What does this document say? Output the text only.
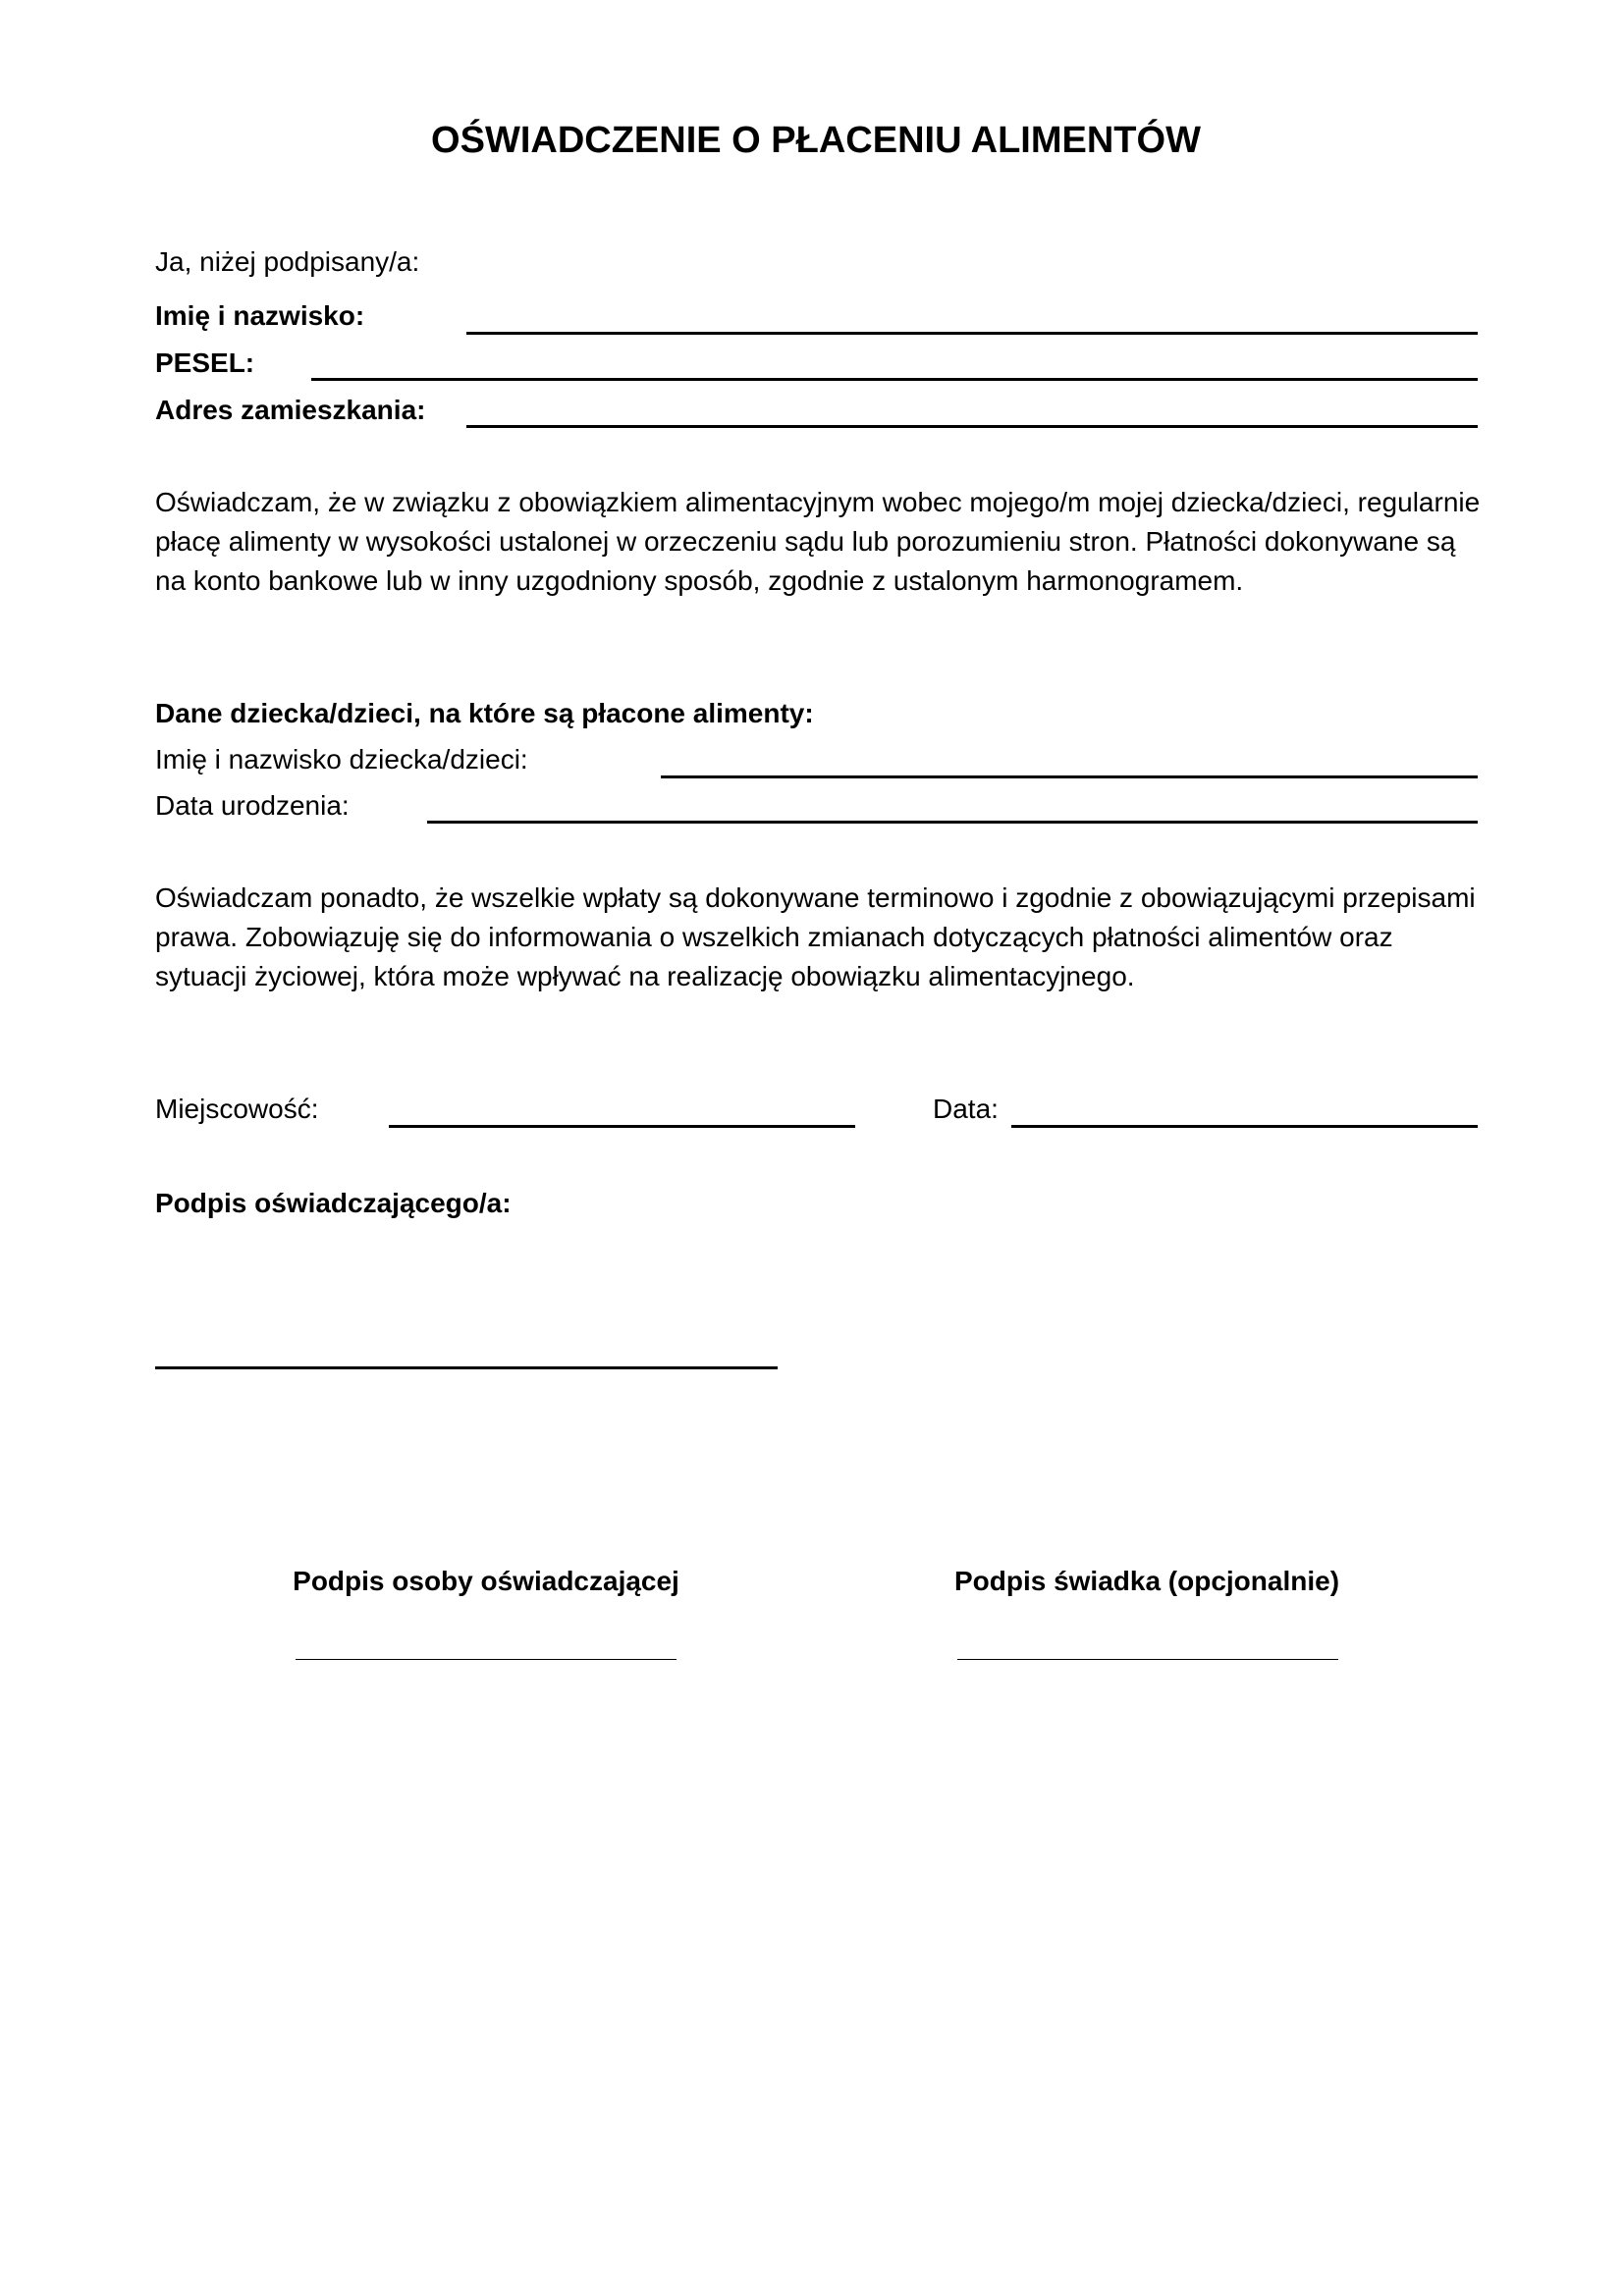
OŚWIADCZENIE O PŁACENIU ALIMENTÓW
Ja, niżej podpisany/a:
Imię i nazwisko:
PESEL:
Adres zamieszkania:
Oświadczam, że w związku z obowiązkiem alimentacyjnym wobec mojego/m mojej dziecka/dzieci, regularnie
płacę alimenty w wysokości ustalonej w orzeczeniu sądu lub porozumieniu stron. Płatności dokonywane są
na konto bankowe lub w inny uzgodniony sposób, zgodnie z ustalonym harmonogramem.
Dane dziecka/dzieci, na które są płacone alimenty:
Imię i nazwisko dziecka/dzieci:
Data urodzenia:
Oświadczam ponadto, że wszelkie wpłaty są dokonywane terminowo i zgodnie z obowiązującymi przepisami
prawa. Zobowiązuję się do informowania o wszelkich zmianach dotyczących płatności alimentów oraz
sytuacji życiowej, która może wpływać na realizację obowiązku alimentacyjnego.
Miejscowość:	Data:
Podpis oświadczającego/a:
Podpis osoby oświadczającej	Podpis świadka (opcjonalnie)
